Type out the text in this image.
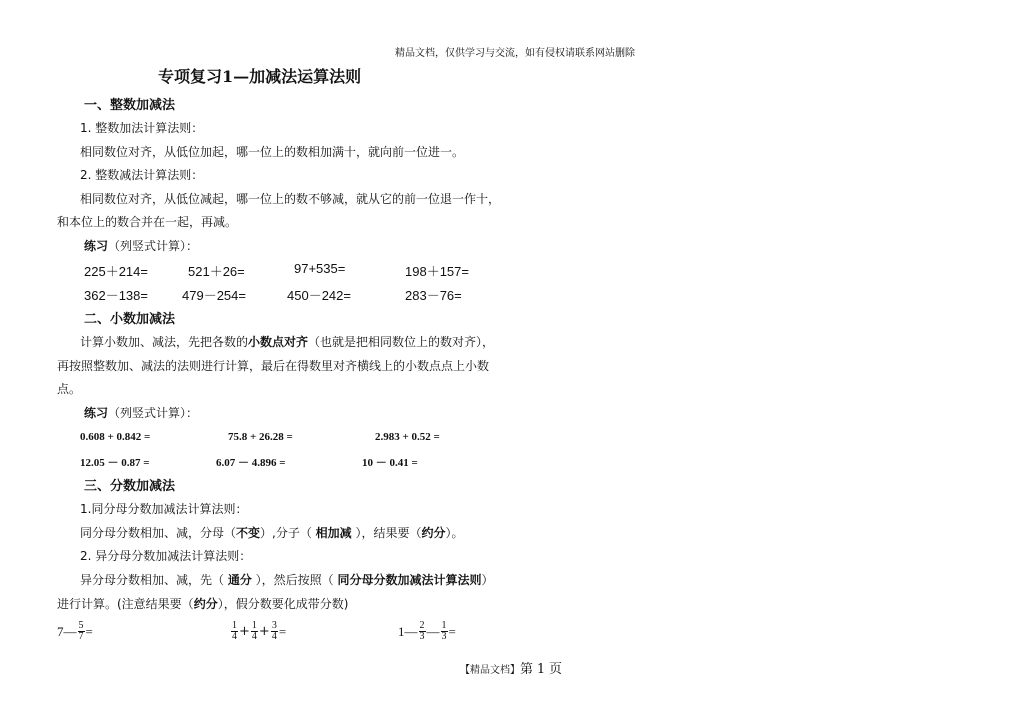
精品文档，仅供学习与交流，如有侵权请联系网站删除
专项复习1—加减法运算法则
一、整数加减法
1. 整数加法计算法则：
相同数位对齐，从低位加起，哪一位上的数相加满十，就向前一位进一。
2. 整数减法计算法则：
相同数位对齐，从低位减起，哪一位上的数不够减，就从它的前一位退一作十，
和本位上的数合并在一起，再减。
练习（列竖式计算）：
225＋214=	521＋26=	97+535=	198＋157=
362－138=	479－254=	450－242=	283－76=
二、小数加减法
计算小数加、减法，先把各数的小数点对齐（也就是把相同数位上的数对齐），
再按照整数加、减法的法则进行计算，最后在得数里对齐横线上的小数点点上小数
点。
练习（列竖式计算）：
0.608 + 0.842 =	75.8 + 26.28 =	2.983 + 0.52 =
12.05 － 0.87 =	6.07 － 4.896 =	10 － 0.41 =
三、分数加减法
1.同分母分数加减法计算法则：
同分母分数相加、减，分母（不变）,分子（ 相加减 ），结果要（约分）。
2. 异分母分数加减法计算法则：
异分母分数相加、减，先（ 通分 ），然后按照（ 同分母分数加减法计算法则）
进行计算。(注意结果要（约分），假分数要化成带分数)
7 — $\frac{5}{7}$ =	$\frac{1}{4} + \frac{1}{4} + \frac{3}{4}$ =	1 — $\frac{2}{3}$ — $\frac{1}{3}$ =
【精品文档】第 1 页
